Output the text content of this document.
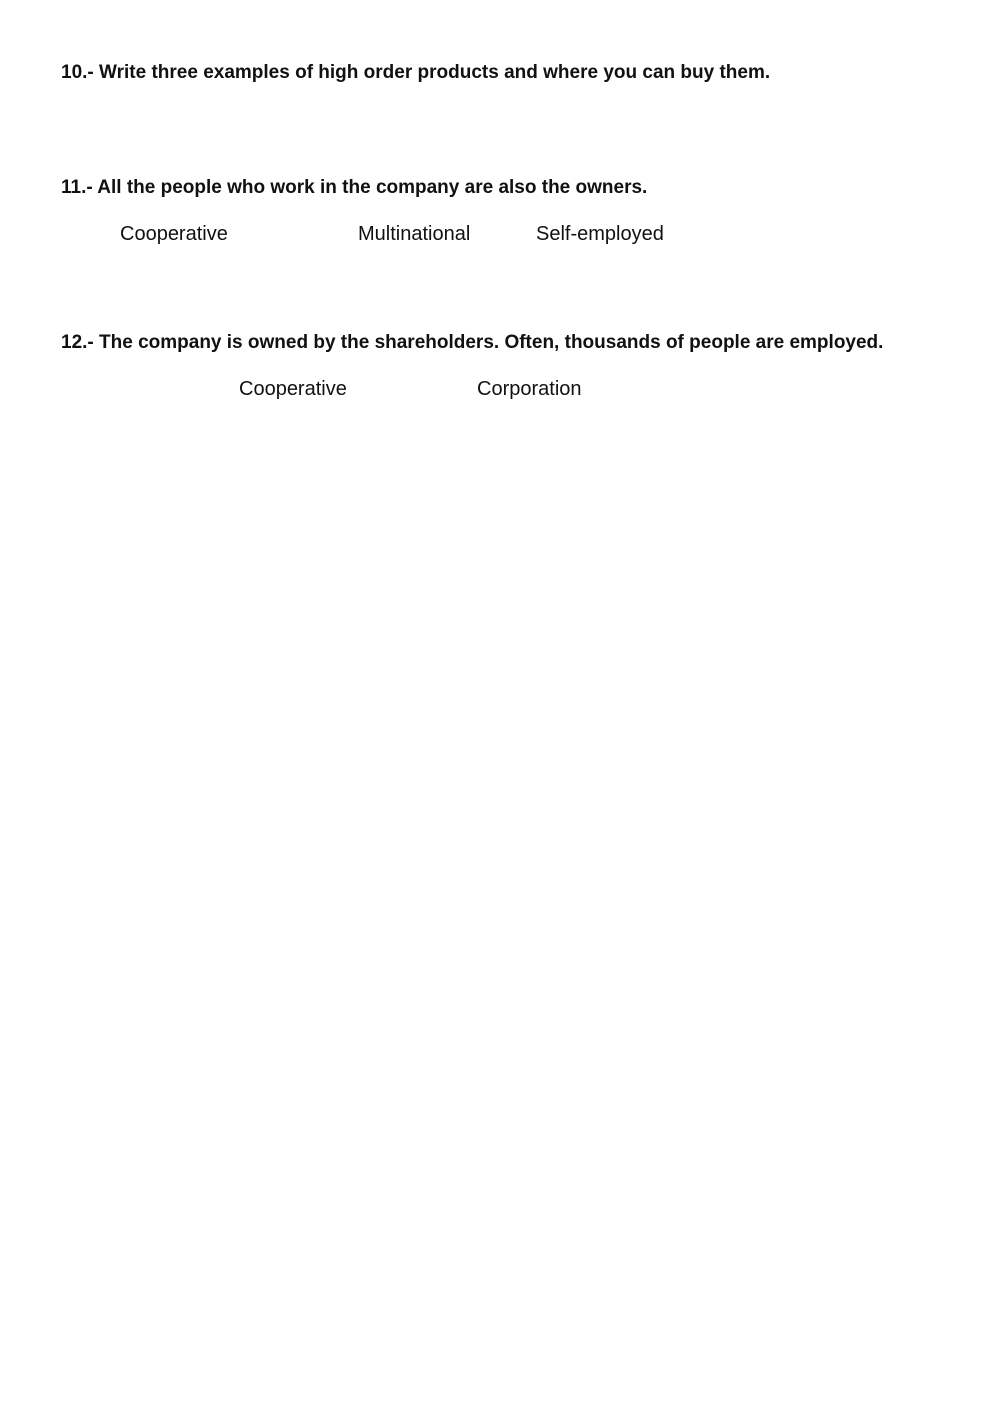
10.- Write three examples of high order products and where you can buy them.

11.- All the people who work in the company are also the owners.

Cooperative	Multinational	Self-employed

12.- The company is owned by the shareholders. Often, thousands of people are employed.

Cooperative	Corporation
